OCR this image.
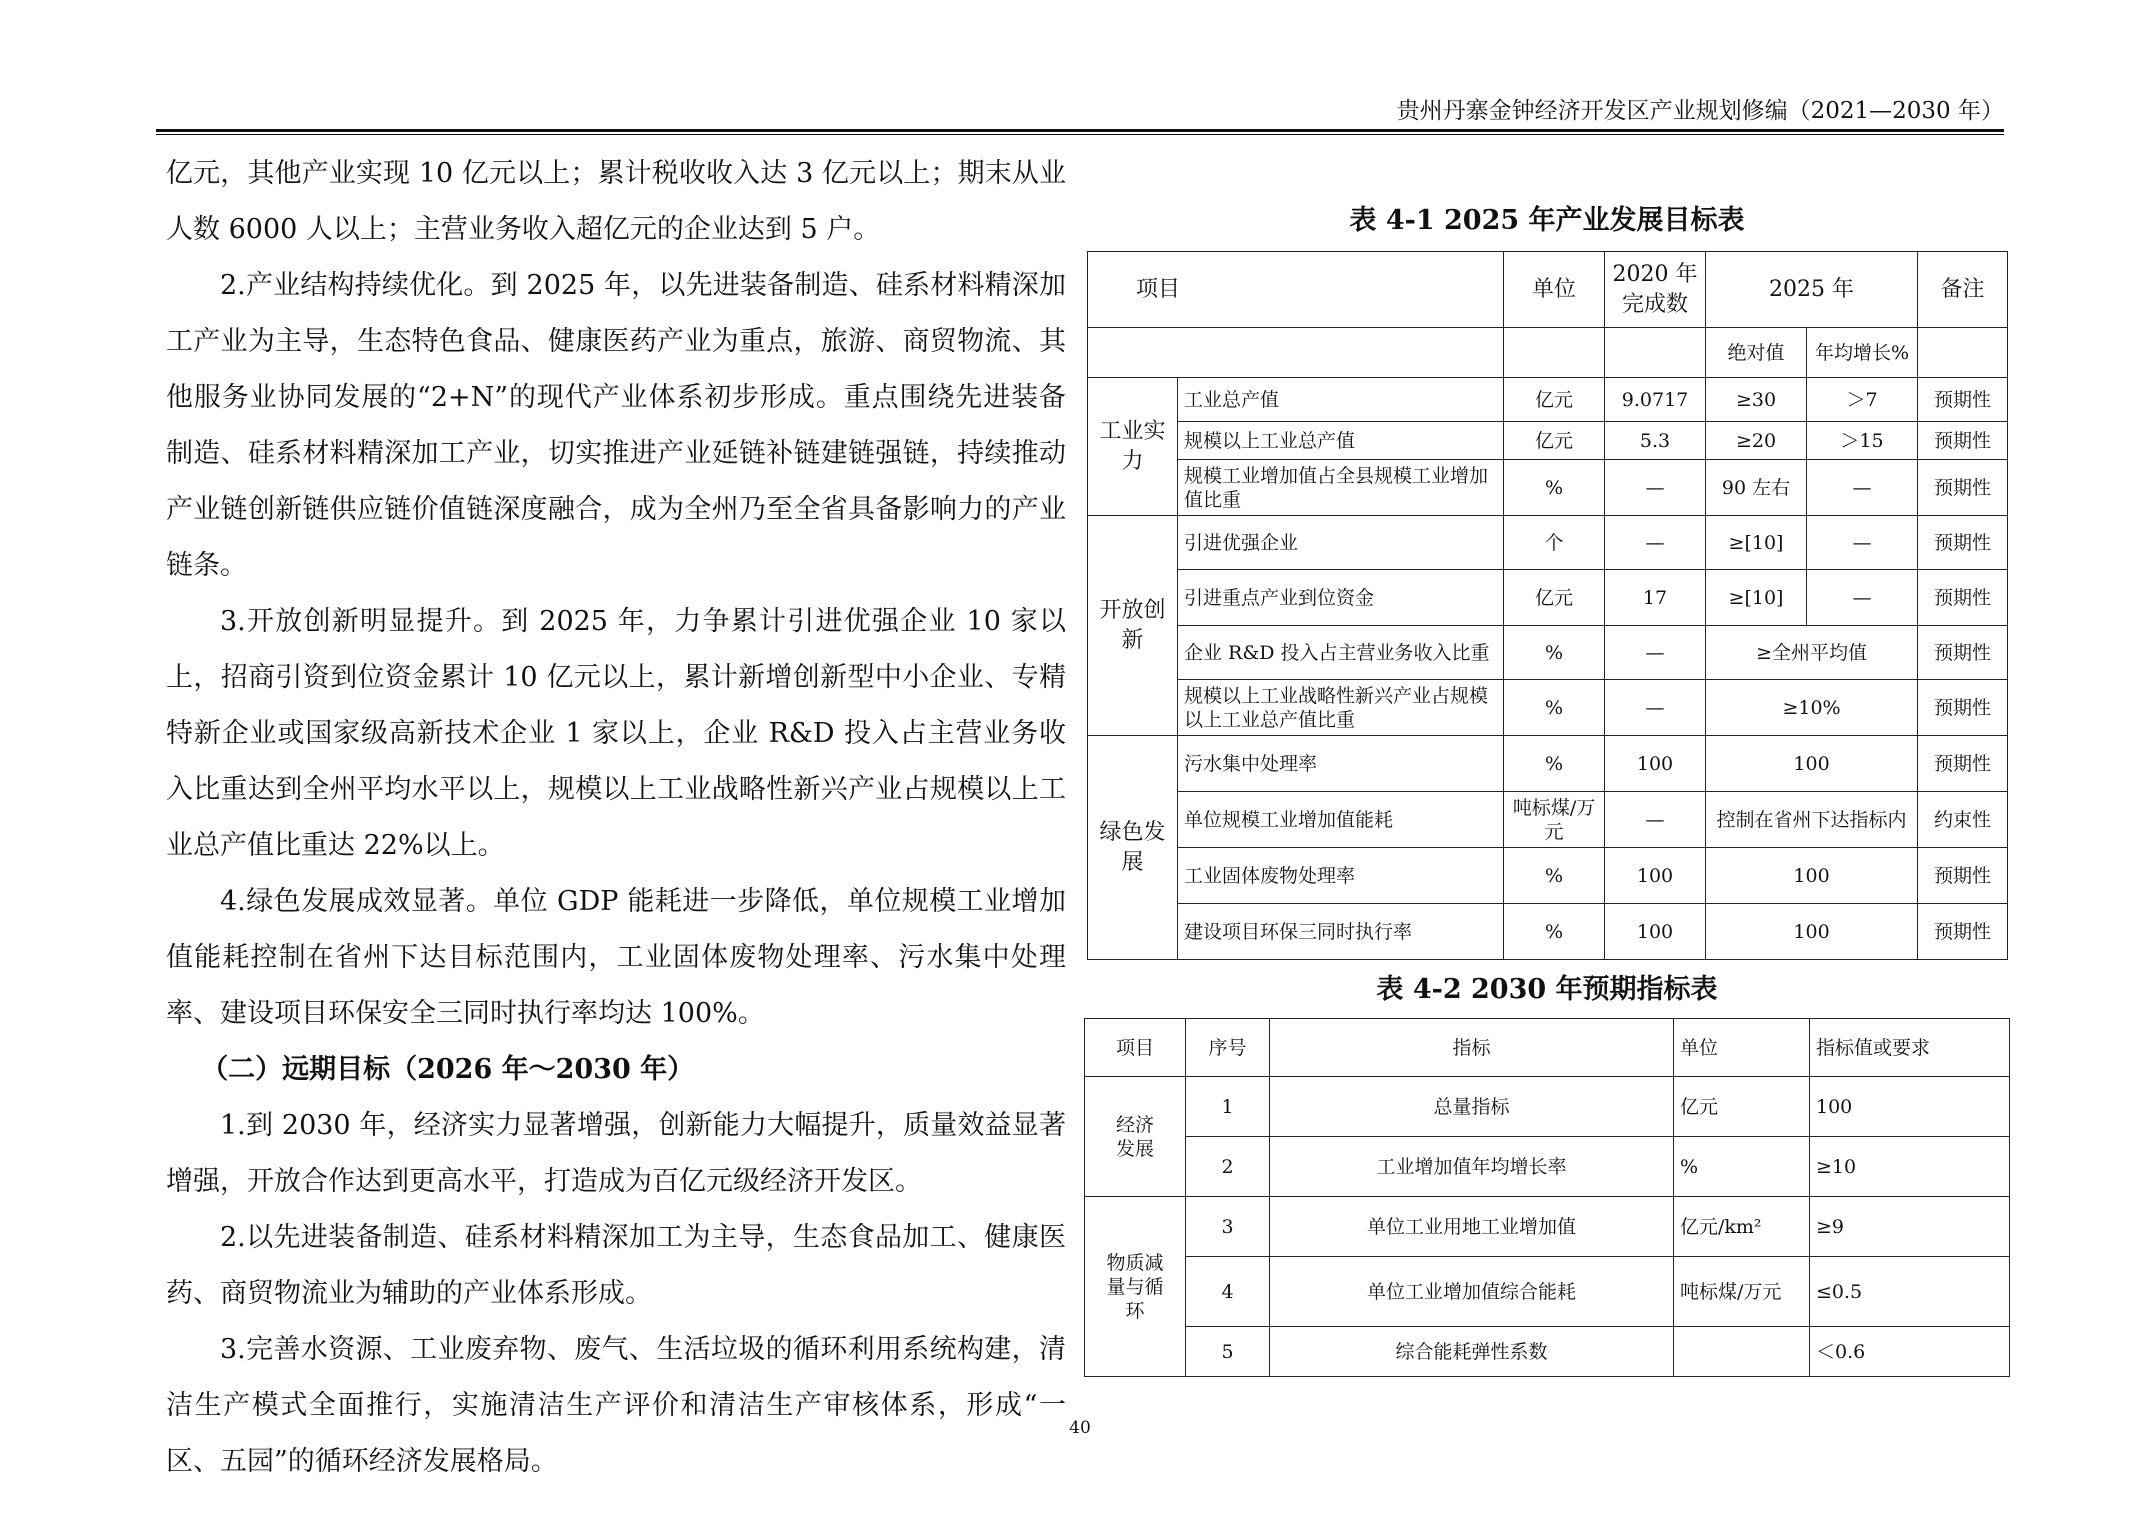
贵州丹寨金钟经济开发区产业规划修编（2021—2030 年）

亿元，其他产业实现 10 亿元以上；累计税收收入达 3 亿元以上；期末从业人数 6000 人以上；主营业务收入超亿元的企业达到 5 户。

2.产业结构持续优化。到 2025 年，以先进装备制造、硅系材料精深加工产业为主导，生态特色食品、健康医药产业为重点，旅游、商贸物流、其他服务业协同发展的“2+N”的现代产业体系初步形成。重点围绕先进装备制造、硅系材料精深加工产业，切实推进产业延链补链建链强链，持续推动产业链创新链供应链价值链深度融合，成为全州乃至全省具备影响力的产业链条。

3.开放创新明显提升。到 2025 年，力争累计引进优强企业 10 家以上，招商引资到位资金累计 10 亿元以上，累计新增创新型中小企业、专精特新企业或国家级高新技术企业 1 家以上，企业 R&D 投入占主营业务收入比重达到全州平均水平以上，规模以上工业战略性新兴产业占规模以上工业总产值比重达 22%以上。

4.绿色发展成效显著。单位 GDP 能耗进一步降低，单位规模工业增加值能耗控制在省州下达目标范围内，工业固体废物处理率、污水集中处理率、建设项目环保安全三同时执行率均达 100%。

（二）远期目标（2026 年～2030 年）

1.到 2030 年，经济实力显著增强，创新能力大幅提升，质量效益显著增强，开放合作达到更高水平，打造成为百亿元级经济开发区。

2.以先进装备制造、硅系材料精深加工为主导，生态食品加工、健康医药、商贸物流业为辅助的产业体系形成。

3.完善水资源、工业废弃物、废气、生活垃圾的循环利用系统构建，清洁生产模式全面推行，实施清洁生产评价和清洁生产审核体系，形成“一区、五园”的循环经济发展格局。

表 4-1 2025 年产业发展目标表
项目		单位	2020 年完成数	2025 年		备注
				绝对值	年均增长%	
工业实力	工业总产值	亿元	9.0717	≥30	＞7	预期性
	规模以上工业总产值	亿元	5.3	≥20	＞15	预期性
	规模工业增加值占全县规模工业增加值比重	%	—	90 左右	—	预期性
开放创新	引进优强企业	个	—	≥[10]	—	预期性
	引进重点产业到位资金	亿元	17	≥[10]	—	预期性
	企业 R&D 投入占主营业务收入比重	%	—	≥全州平均值		预期性
	规模以上工业战略性新兴产业占规模以上工业总产值比重	%	—	≥10%		预期性
绿色发展	污水集中处理率	%	100	100		预期性
	单位规模工业增加值能耗	吨标煤/万元	—	控制在省州下达指标内		约束性
	工业固体废物处理率	%	100	100		预期性
	建设项目环保三同时执行率	%	100	100		预期性
表 4-2 2030 年预期指标表
项目	序号	指标	单位	指标值或要求
经济发展	1	总量指标	亿元	100
	2	工业增加值年均增长率	%	≥10
物质减量与循环	3	单位工业用地工业增加值	亿元/km²	≥9
	4	单位工业增加值综合能耗	吨标煤/万元	≤0.5
	5	综合能耗弹性系数		＜0.6
40
